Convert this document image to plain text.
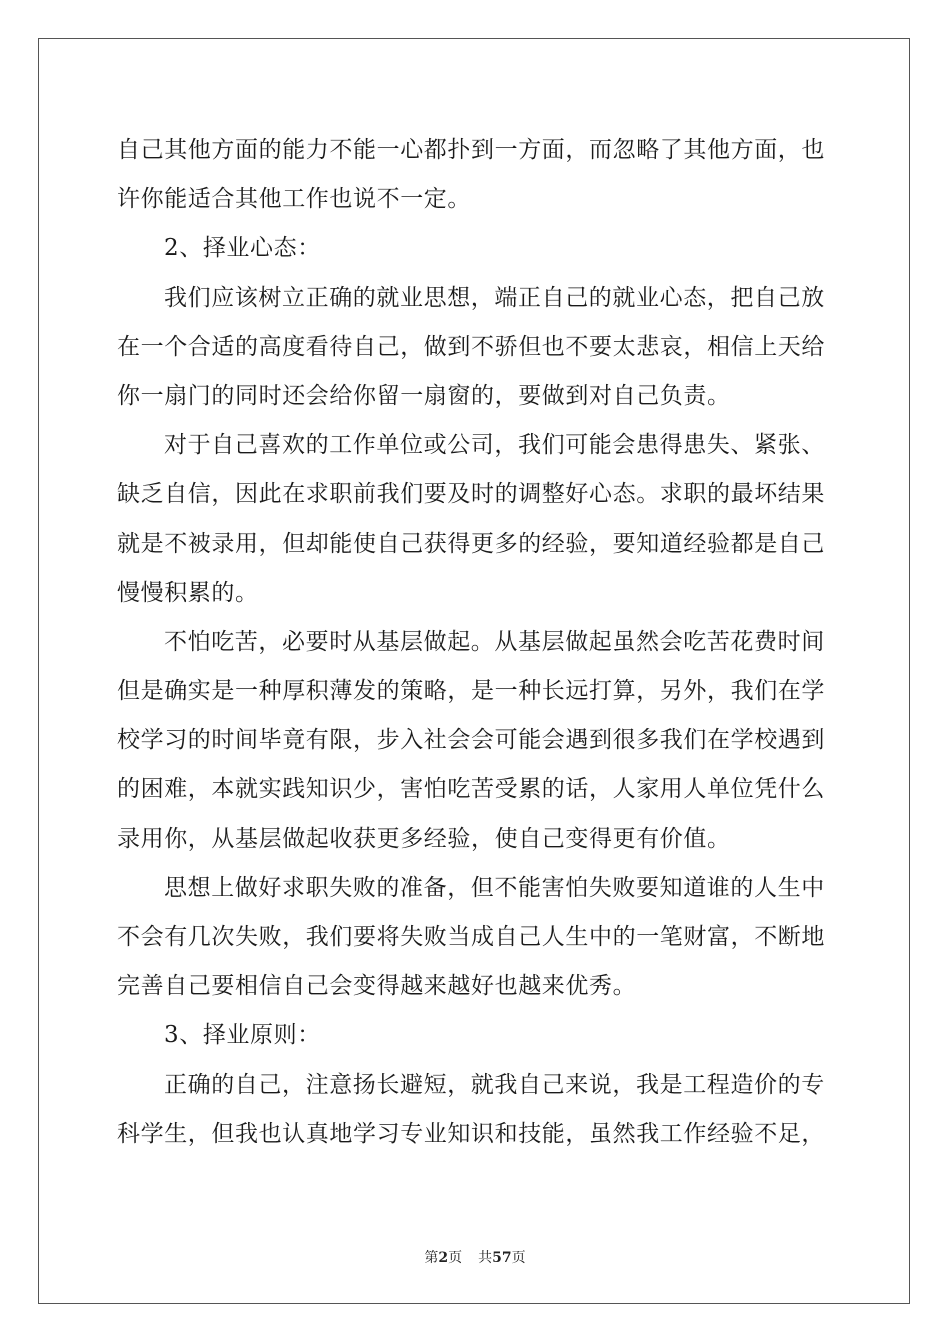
自己其他方面的能力不能一心都扑到一方面，而忽略了其他方面，也
许你能适合其他工作也说不一定。
2、择业心态：
我们应该树立正确的就业思想，端正自己的就业心态，把自己放
在一个合适的高度看待自己，做到不骄但也不要太悲哀，相信上天给
你一扇门的同时还会给你留一扇窗的，要做到对自己负责。
对于自己喜欢的工作单位或公司，我们可能会患得患失、紧张、
缺乏自信，因此在求职前我们要及时的调整好心态。求职的最坏结果
就是不被录用，但却能使自己获得更多的经验，要知道经验都是自己
慢慢积累的。
不怕吃苦，必要时从基层做起。从基层做起虽然会吃苦花费时间
但是确实是一种厚积薄发的策略，是一种长远打算，另外，我们在学
校学习的时间毕竟有限，步入社会会可能会遇到很多我们在学校遇到
的困难，本就实践知识少，害怕吃苦受累的话，人家用人单位凭什么
录用你，从基层做起收获更多经验，使自己变得更有价值。
思想上做好求职失败的准备，但不能害怕失败要知道谁的人生中
不会有几次失败，我们要将失败当成自己人生中的一笔财富，不断地
完善自己要相信自己会变得越来越好也越来优秀。
3、择业原则：
正确的自己，注意扬长避短，就我自己来说，我是工程造价的专
科学生，但我也认真地学习专业知识和技能，虽然我工作经验不足，
第2页 共57页
